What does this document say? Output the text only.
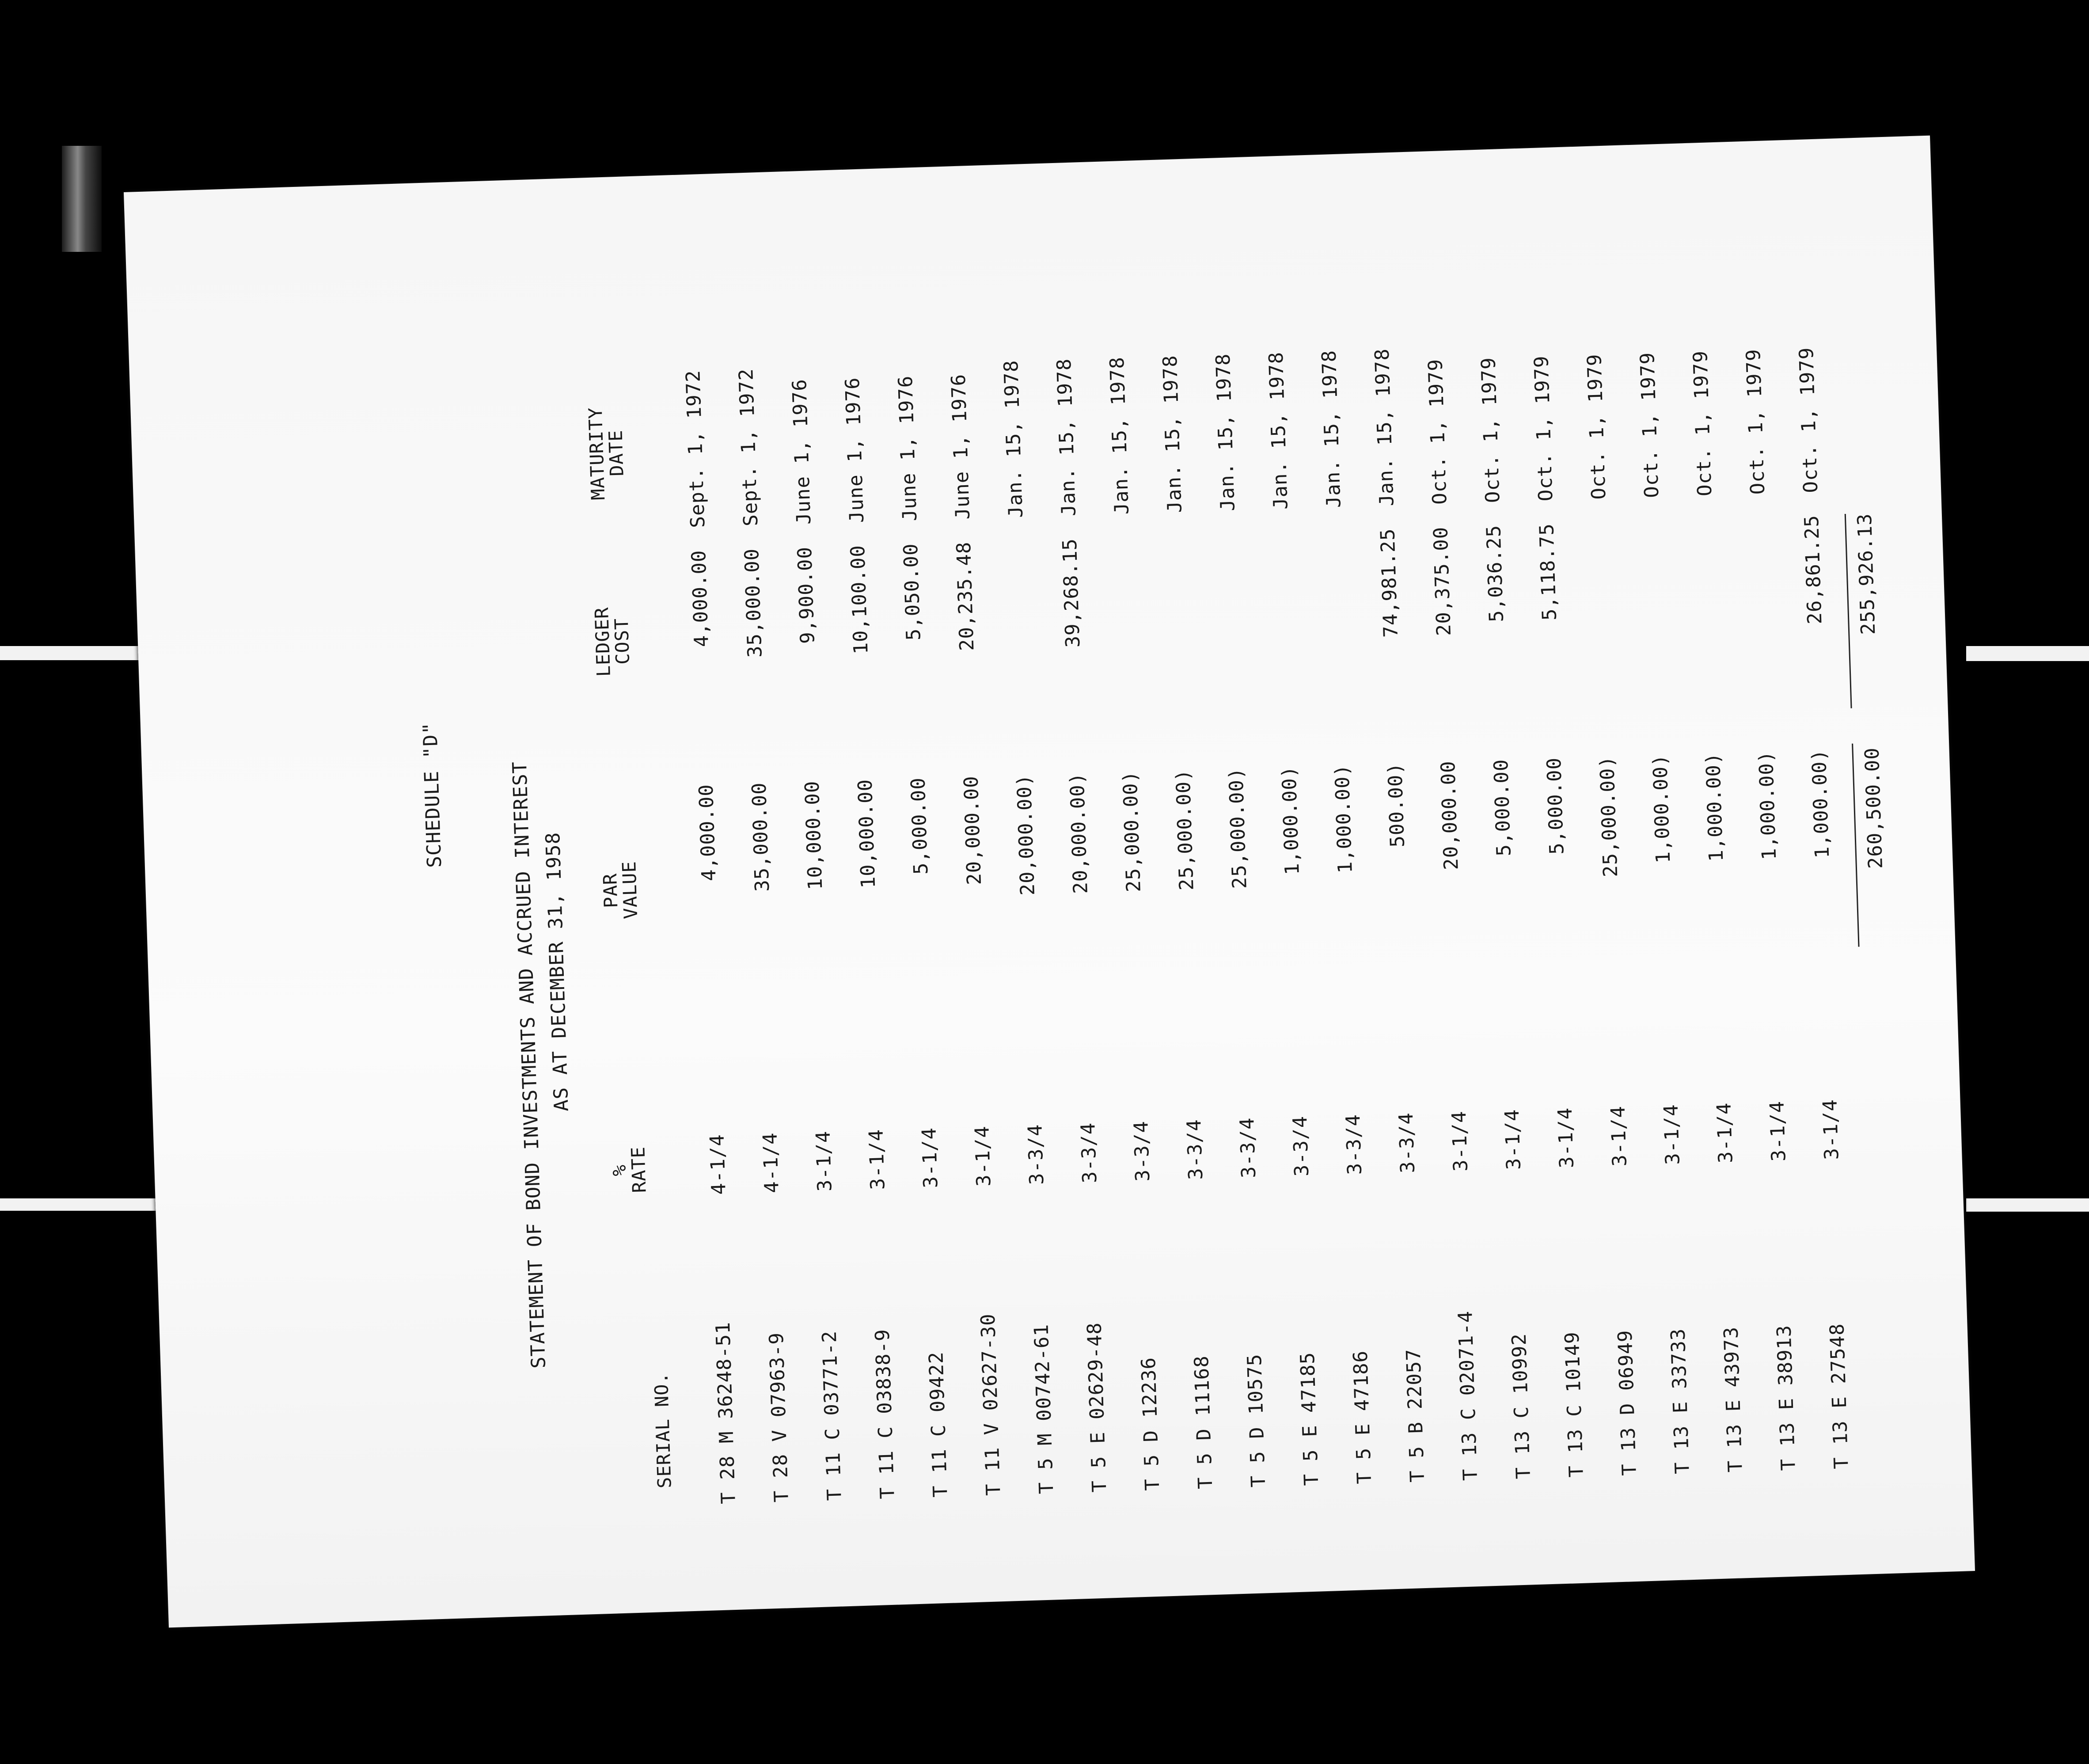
SCHEDULE "D"	STATEMENT OF BOND INVESTMENTS AND ACCRUED INTEREST
AS AT DECEMBER 31, 1958
SERIAL NO.
%
RATE
PAR
VALUE
LEDGER
COST
MATURITY
DATE
T 28 M 36248-51
4-1/4
4,000.00
4,000.00
Sept. 1, 1972
T 28 V 07963-9
4-1/4
35,000.00
35,000.00
Sept. 1, 1972
T 11 C 03771-2
3-1/4
10,000.00
9,900.00
June 1, 1976
T 11 C 03838-9
3-1/4
10,000.00
10,100.00
June 1, 1976
T 11 C 09422
3-1/4
5,000.00
5,050.00
June 1, 1976
T 11 V 02627-30
3-1/4
20,000.00
20,235.48
June 1, 1976
T 5 M 00742-61
3-3/4
20,000.00)
Jan. 15, 1978
T 5 E 02629-48
3-3/4
20,000.00)
39,268.15
Jan. 15, 1978
T 5 D 12236
3-3/4
25,000.00)
Jan. 15, 1978
T 5 D 11168
3-3/4
25,000.00)
Jan. 15, 1978
T 5 D 10575
3-3/4
25,000.00)
Jan. 15, 1978
T 5 E 47185
3-3/4
1,000.00)
Jan. 15, 1978
T 5 E 47186
3-3/4
1,000.00)
Jan. 15, 1978
T 5 B 22057
3-3/4
500.00)
74,981.25
Jan. 15, 1978
T 13 C 02071-4
3-1/4
20,000.00
20,375.00
Oct. 1, 1979
T 13 C 10992
3-1/4
5,000.00
5,036.25
Oct. 1, 1979
T 13 C 10149
3-1/4
5,000.00
5,118.75
Oct. 1, 1979
T 13 D 06949
3-1/4
25,000.00)
Oct. 1, 1979
T 13 E 33733
3-1/4
1,000.00)
Oct. 1, 1979
T 13 E 43973
3-1/4
1,000.00)
Oct. 1, 1979
T 13 E 38913
3-1/4
1,000.00)
Oct. 1, 1979
T 13 E 27548
3-1/4
1,000.00)
26,861.25
Oct. 1, 1979
260,500.00
255,926.13
